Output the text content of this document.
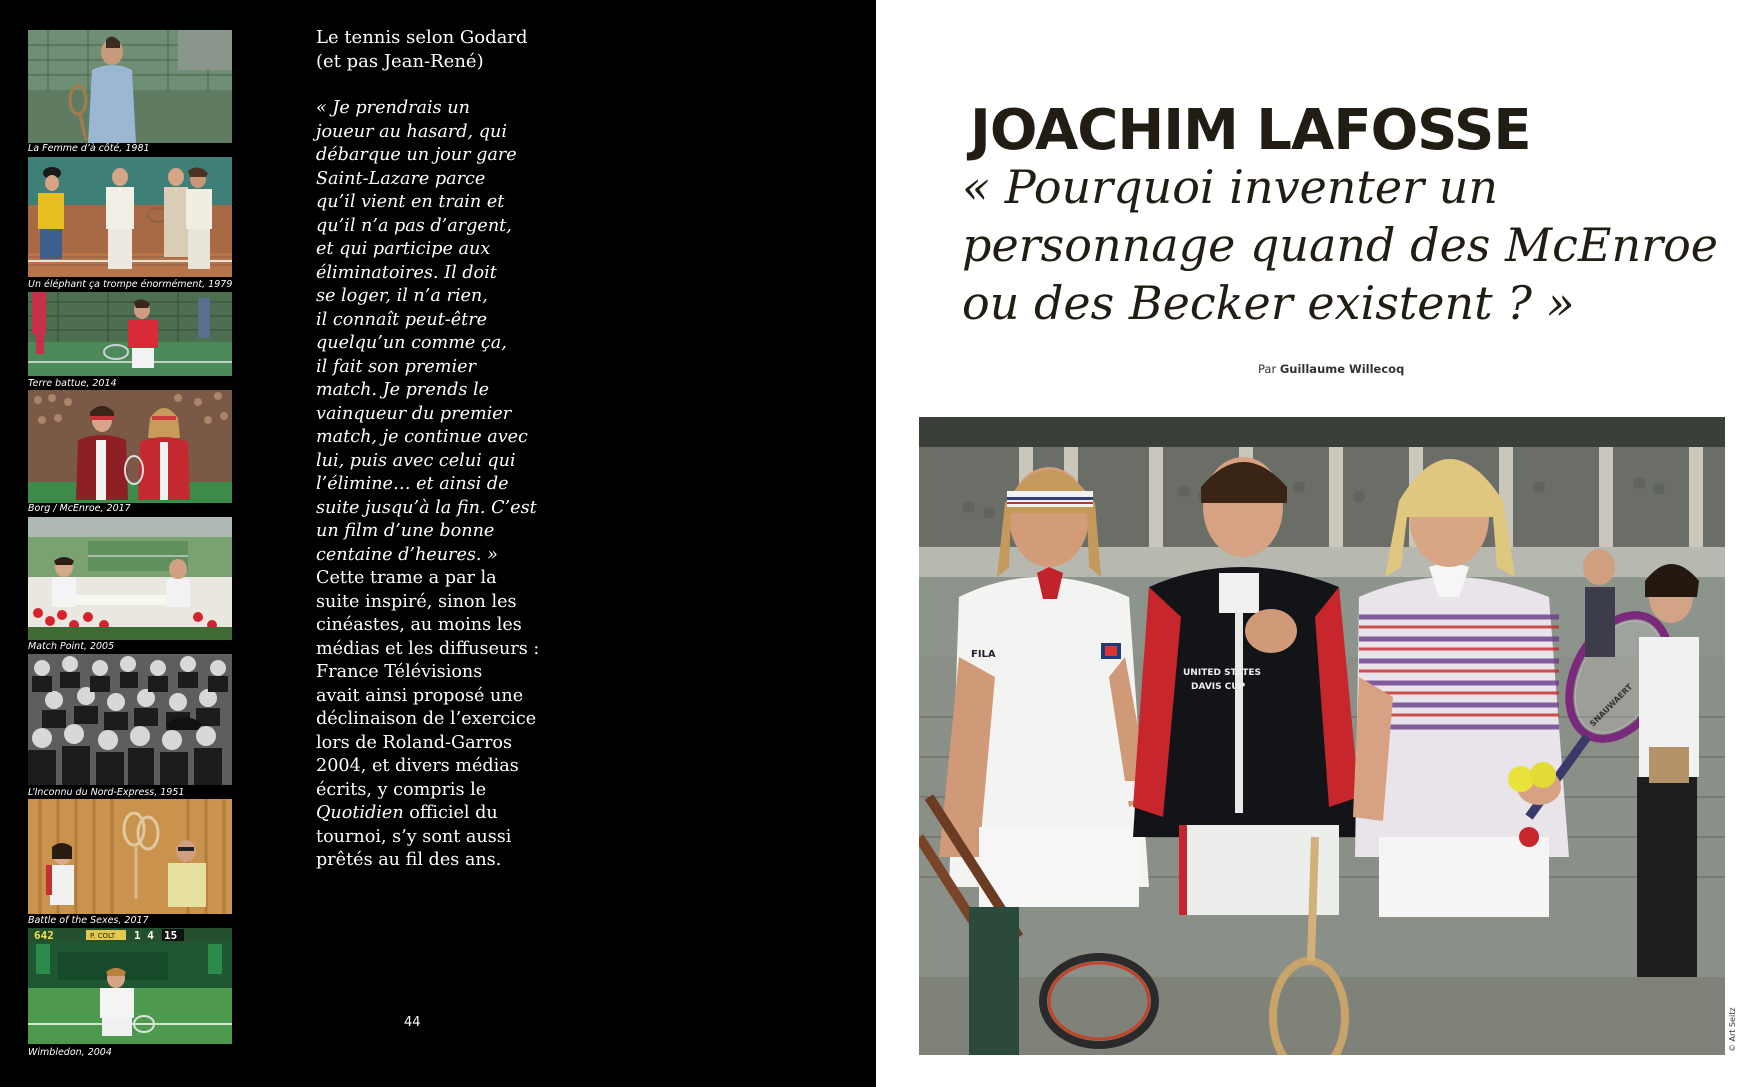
La Femme d’à côté, 1981
Un éléphant ça trompe énormément, 1979
Terre battue, 2014
Borg / McEnroe, 2017
Match Point, 2005
L’Inconnu du Nord-Express, 1951
Battle of the Sexes, 2017
642	P. COLT 1 4 15
Wimbledon, 2004
Le tennis selon Godard
(et pas Jean-René)
« Je prendrais un
joueur au hasard, qui
débarque un jour gare
Saint-Lazare parce
qu’il vient en train et
qu’il n’a pas d’argent,
et qui participe aux
éliminatoires. Il doit
se loger, il n’a rien,
il connaît peut-être
quelqu’un comme ça,
il fait son premier
match. Je prends le
vainqueur du premier
match, je continue avec
lui, puis avec celui qui
l’élimine… et ainsi de
suite jusqu’à la fin. C’est
un film d’une bonne
centaine d’heures. »
Cette trame a par la
suite inspiré, sinon les
cinéastes, au moins les
médias et les diffuseurs :
France Télévisions
avait ainsi proposé une
déclinaison de l’exercice
lors de Roland-Garros
2004, et divers médias
écrits, y compris le
Quotidien officiel du
tournoi, s’y sont aussi
prêtés au fil des ans.
44
JOACHIM LAFOSSE
« Pourquoi inventer un
personnage quand des McEnroe
ou des Becker existent ? »
Par Guillaume Willecoq
FILA
UNITED STATES
DAVIS CUP	SNAUWAERT
© Art Seitz
